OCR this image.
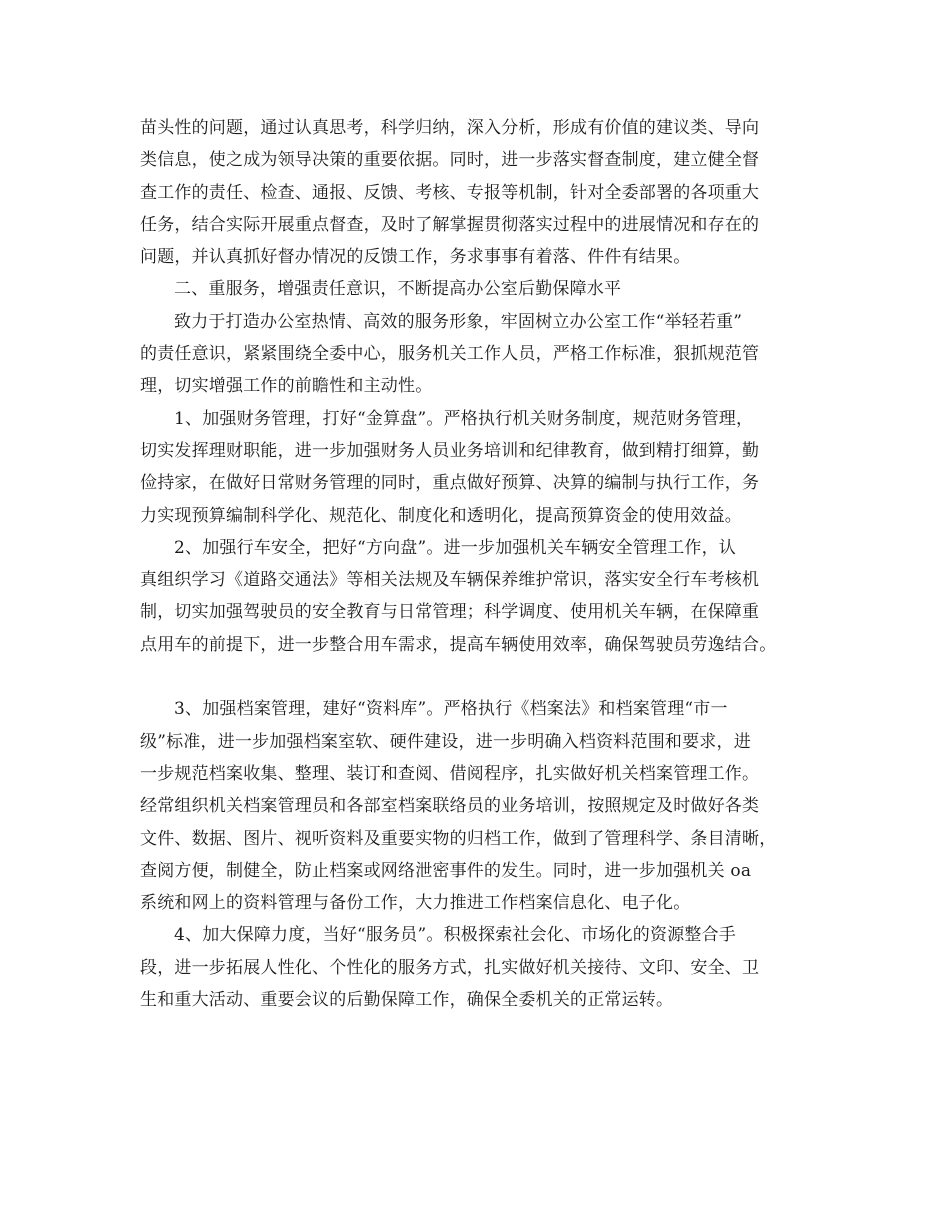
苗头性的问题，通过认真思考，科学归纳，深入分析，形成有价值的建议类、导向
类信息，使之成为领导决策的重要依据。同时，进一步落实督查制度，建立健全督
查工作的责任、检查、通报、反馈、考核、专报等机制，针对全委部署的各项重大
任务，结合实际开展重点督查，及时了解掌握贯彻落实过程中的进展情况和存在的
问题，并认真抓好督办情况的反馈工作，务求事事有着落、件件有结果。
二、重服务，增强责任意识，不断提高办公室后勤保障水平
致力于打造办公室热情、高效的服务形象，牢固树立办公室工作“举轻若重”
的责任意识，紧紧围绕全委中心，服务机关工作人员，严格工作标准，狠抓规范管
理，切实增强工作的前瞻性和主动性。
1、加强财务管理，打好“金算盘”。严格执行机关财务制度，规范财务管理，
切实发挥理财职能，进一步加强财务人员业务培训和纪律教育，做到精打细算，勤
俭持家，在做好日常财务管理的同时，重点做好预算、决算的编制与执行工作，务
力实现预算编制科学化、规范化、制度化和透明化，提高预算资金的使用效益。
2、加强行车安全，把好“方向盘”。进一步加强机关车辆安全管理工作，认
真组织学习《道路交通法》等相关法规及车辆保养维护常识，落实安全行车考核机
制，切实加强驾驶员的安全教育与日常管理；科学调度、使用机关车辆，在保障重
点用车的前提下，进一步整合用车需求，提高车辆使用效率，确保驾驶员劳逸结合。
3、加强档案管理，建好“资料库”。严格执行《档案法》和档案管理“市一
级”标准，进一步加强档案室软、硬件建设，进一步明确入档资料范围和要求，进
一步规范档案收集、整理、装订和查阅、借阅程序，扎实做好机关档案管理工作。
经常组织机关档案管理员和各部室档案联络员的业务培训，按照规定及时做好各类
文件、数据、图片、视听资料及重要实物的归档工作，做到了管理科学、条目清晰，
查阅方便，制健全，防止档案或网络泄密事件的发生。同时，进一步加强机关 oa
系统和网上的资料管理与备份工作，大力推进工作档案信息化、电子化。
4、加大保障力度，当好“服务员”。积极探索社会化、市场化的资源整合手
段，进一步拓展人性化、个性化的服务方式，扎实做好机关接待、文印、安全、卫
生和重大活动、重要会议的后勤保障工作，确保全委机关的正常运转。
